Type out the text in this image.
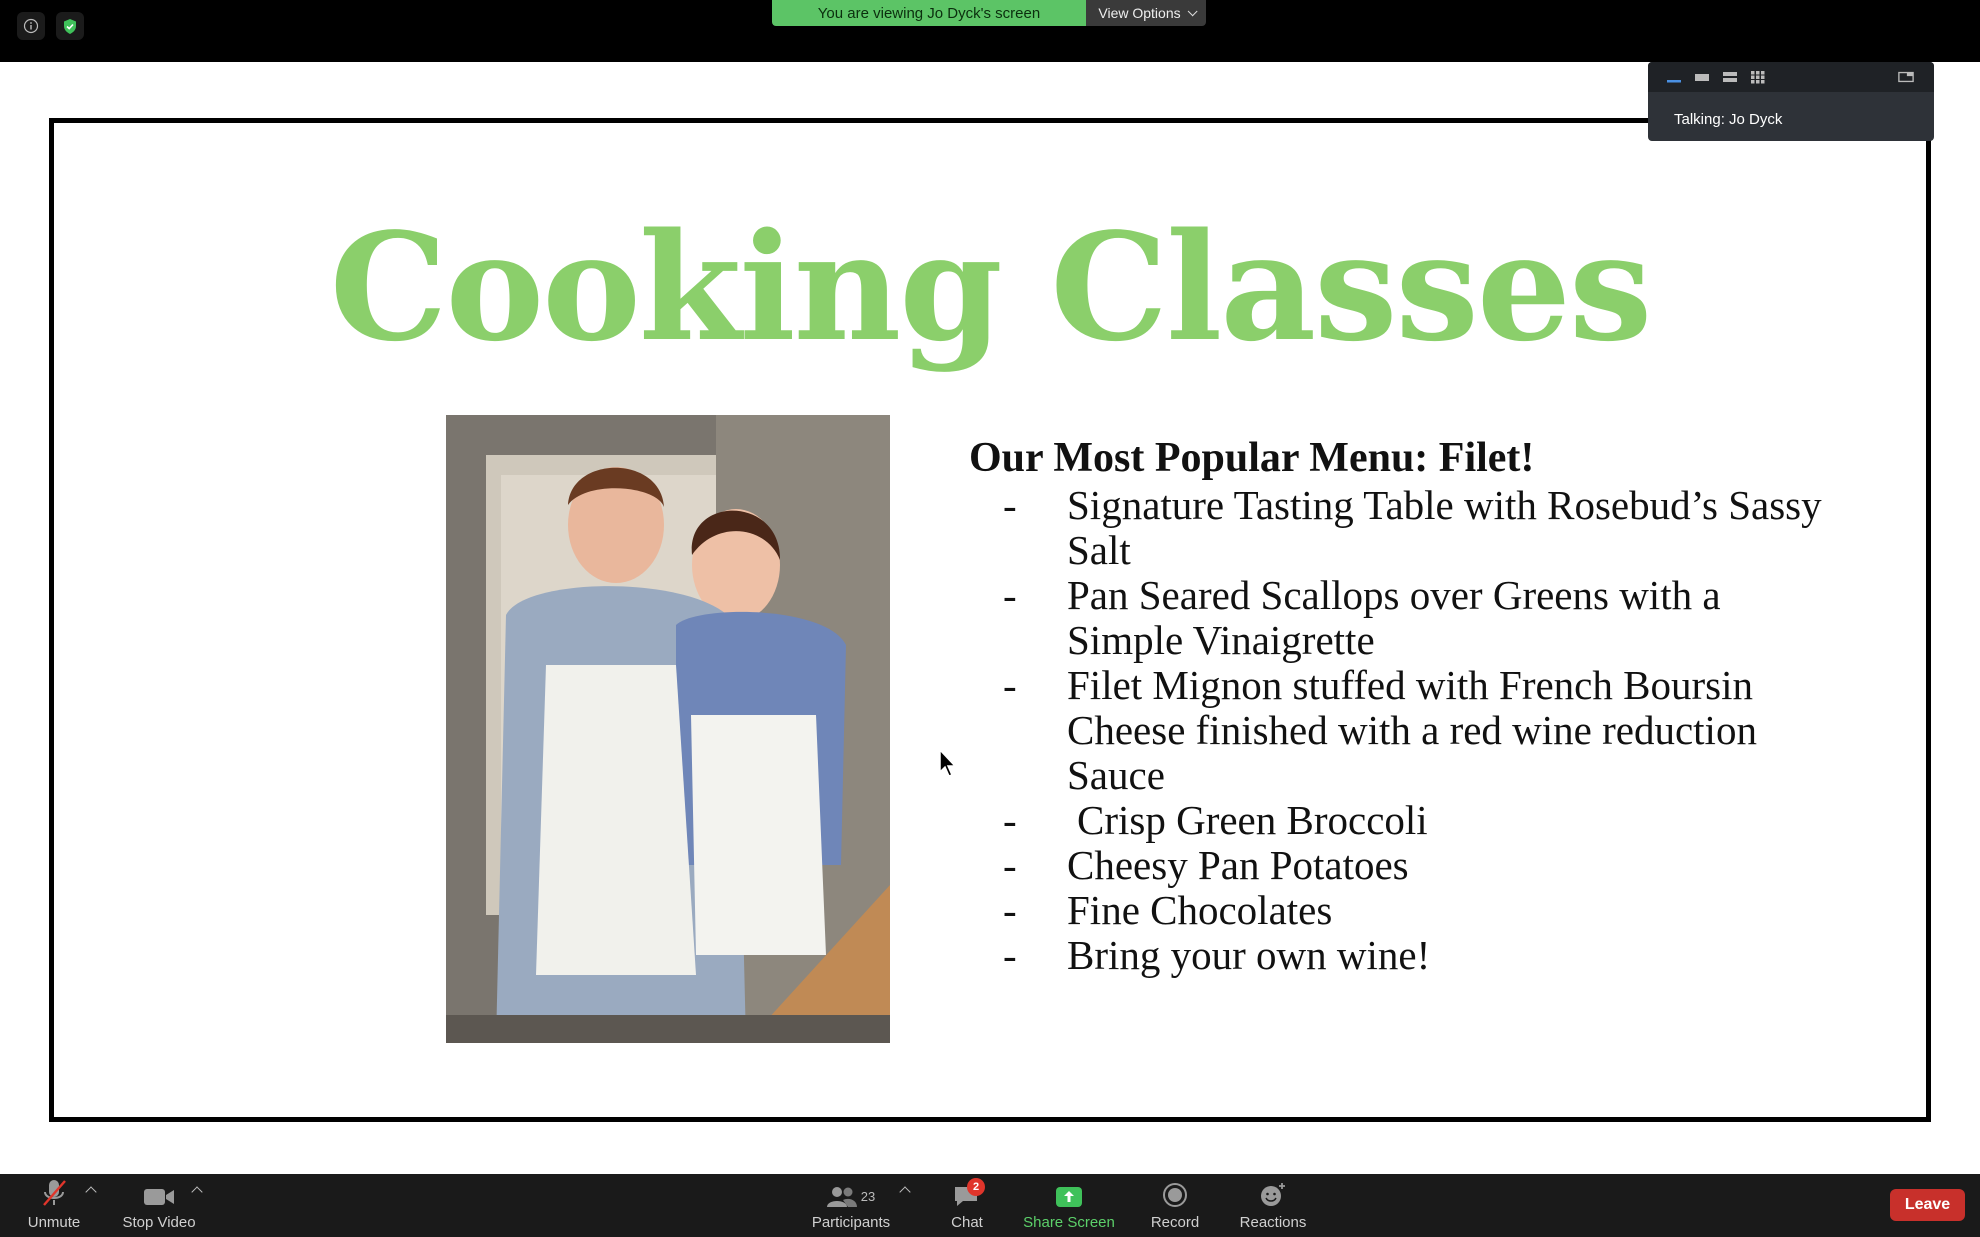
You are viewing Jo Dyck's screen	View Options
Cooking Classes
Our Most Popular Menu: Filet!
-	Signature Tasting Table with Rosebud’s Sassy Salt
-	Pan Seared Scallops over Greens with a Simple Vinaigrette
-	Filet Mignon stuffed with French Boursin Cheese finished with a red wine reduction Sauce
-	Crisp Green Broccoli
-	Cheesy Pan Potatoes
-	Fine Chocolates
-	Bring your own wine!
Talking: Jo Dyck
Unmute	Stop Video
23
Participants
2
Chat	Share Screen Record	Reactions
Leave
